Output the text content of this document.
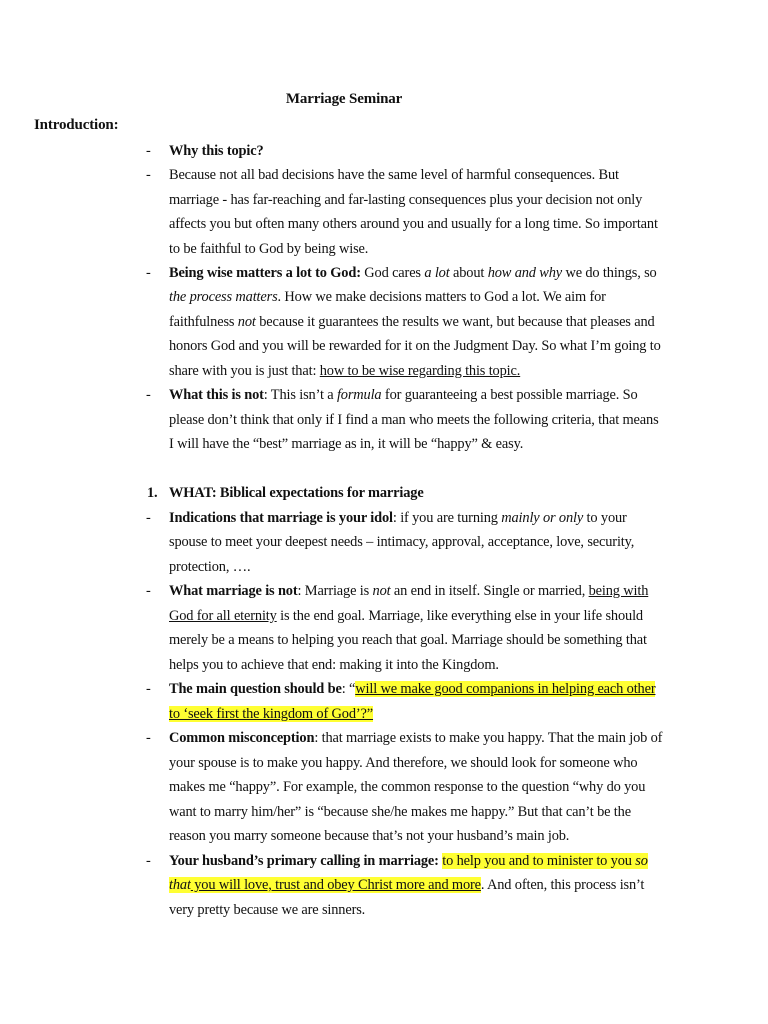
Marriage Seminar
Introduction:
- Why this topic?
- Because not all bad decisions have the same level of harmful consequences. But
marriage - has far-reaching and far-lasting consequences plus your decision not only
affects you but often many others around you and usually for a long time. So important
to be faithful to God by being wise.
- Being wise matters a lot to God: God cares a lot about how and why we do things, so
the process matters. How we make decisions matters to God a lot. We aim for
faithfulness not because it guarantees the results we want, but because that pleases and
honors God and you will be rewarded for it on the Judgment Day. So what I’m going to
share with you is just that: how to be wise regarding this topic.
- What this is not: This isn’t a formula for guaranteeing a best possible marriage. So
please don’t think that only if I find a man who meets the following criteria, that means
I will have the “best” marriage as in, it will be “happy” & easy.
1. WHAT: Biblical expectations for marriage
- Indications that marriage is your idol: if you are turning mainly or only to your
spouse to meet your deepest needs – intimacy, approval, acceptance, love, security,
protection, ….
- What marriage is not: Marriage is not an end in itself. Single or married, being with
God for all eternity is the end goal. Marriage, like everything else in your life should
merely be a means to helping you reach that goal. Marriage should be something that
helps you to achieve that end: making it into the Kingdom.
- The main question should be: “will we make good companions in helping each other
to ‘seek first the kingdom of God’?”
- Common misconception: that marriage exists to make you happy. That the main job of
your spouse is to make you happy. And therefore, we should look for someone who
makes me “happy”. For example, the common response to the question “why do you
want to marry him/her” is “because she/he makes me happy.” But that can’t be the
reason you marry someone because that’s not your husband’s main job.
- Your husband’s primary calling in marriage: to help you and to minister to you so
that you will love, trust and obey Christ more and more. And often, this process isn’t
very pretty because we are sinners.
